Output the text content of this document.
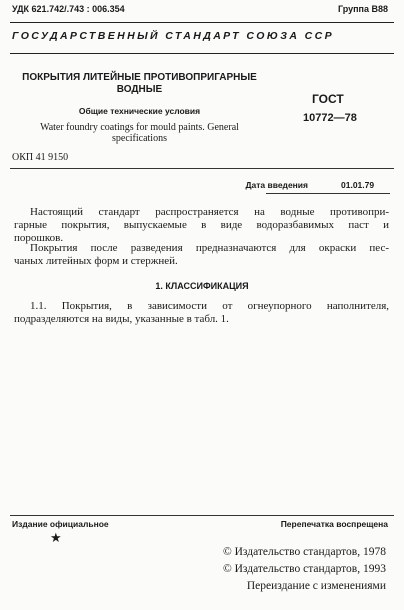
УДК 621.742/.743 : 006.354	Группа В88
ГОСУДАРСТВЕННЫЙ СТАНДАРТ СОЮЗА ССР
ПОКРЫТИЯ ЛИТЕЙНЫЕ ПРОТИВОПРИГАРНЫЕ
ВОДНЫЕ
Общие технические условия
Water foundry coatings for mould paints. General
specifications
ОКП 41 9150
ГОСТ
10772—78
Дата введения	01.01.79
Настоящий стандарт распространяется на водные противопри-
гарные покрытия, выпускаемые в виде водоразбавимых паст и
порошков.
Покрытия после разведения предназначаются для окраски пес-
чаных литейных форм и стержней.
1. КЛАССИФИКАЦИЯ
1.1. Покрытия, в зависимости от огнеупорного наполнителя,
подразделяются на виды, указанные в табл. 1.
Издание официальное	Перепечатка воспрещена
★
© Издательство стандартов, 1978
© Издательство стандартов, 1993
Переиздание с изменениями
